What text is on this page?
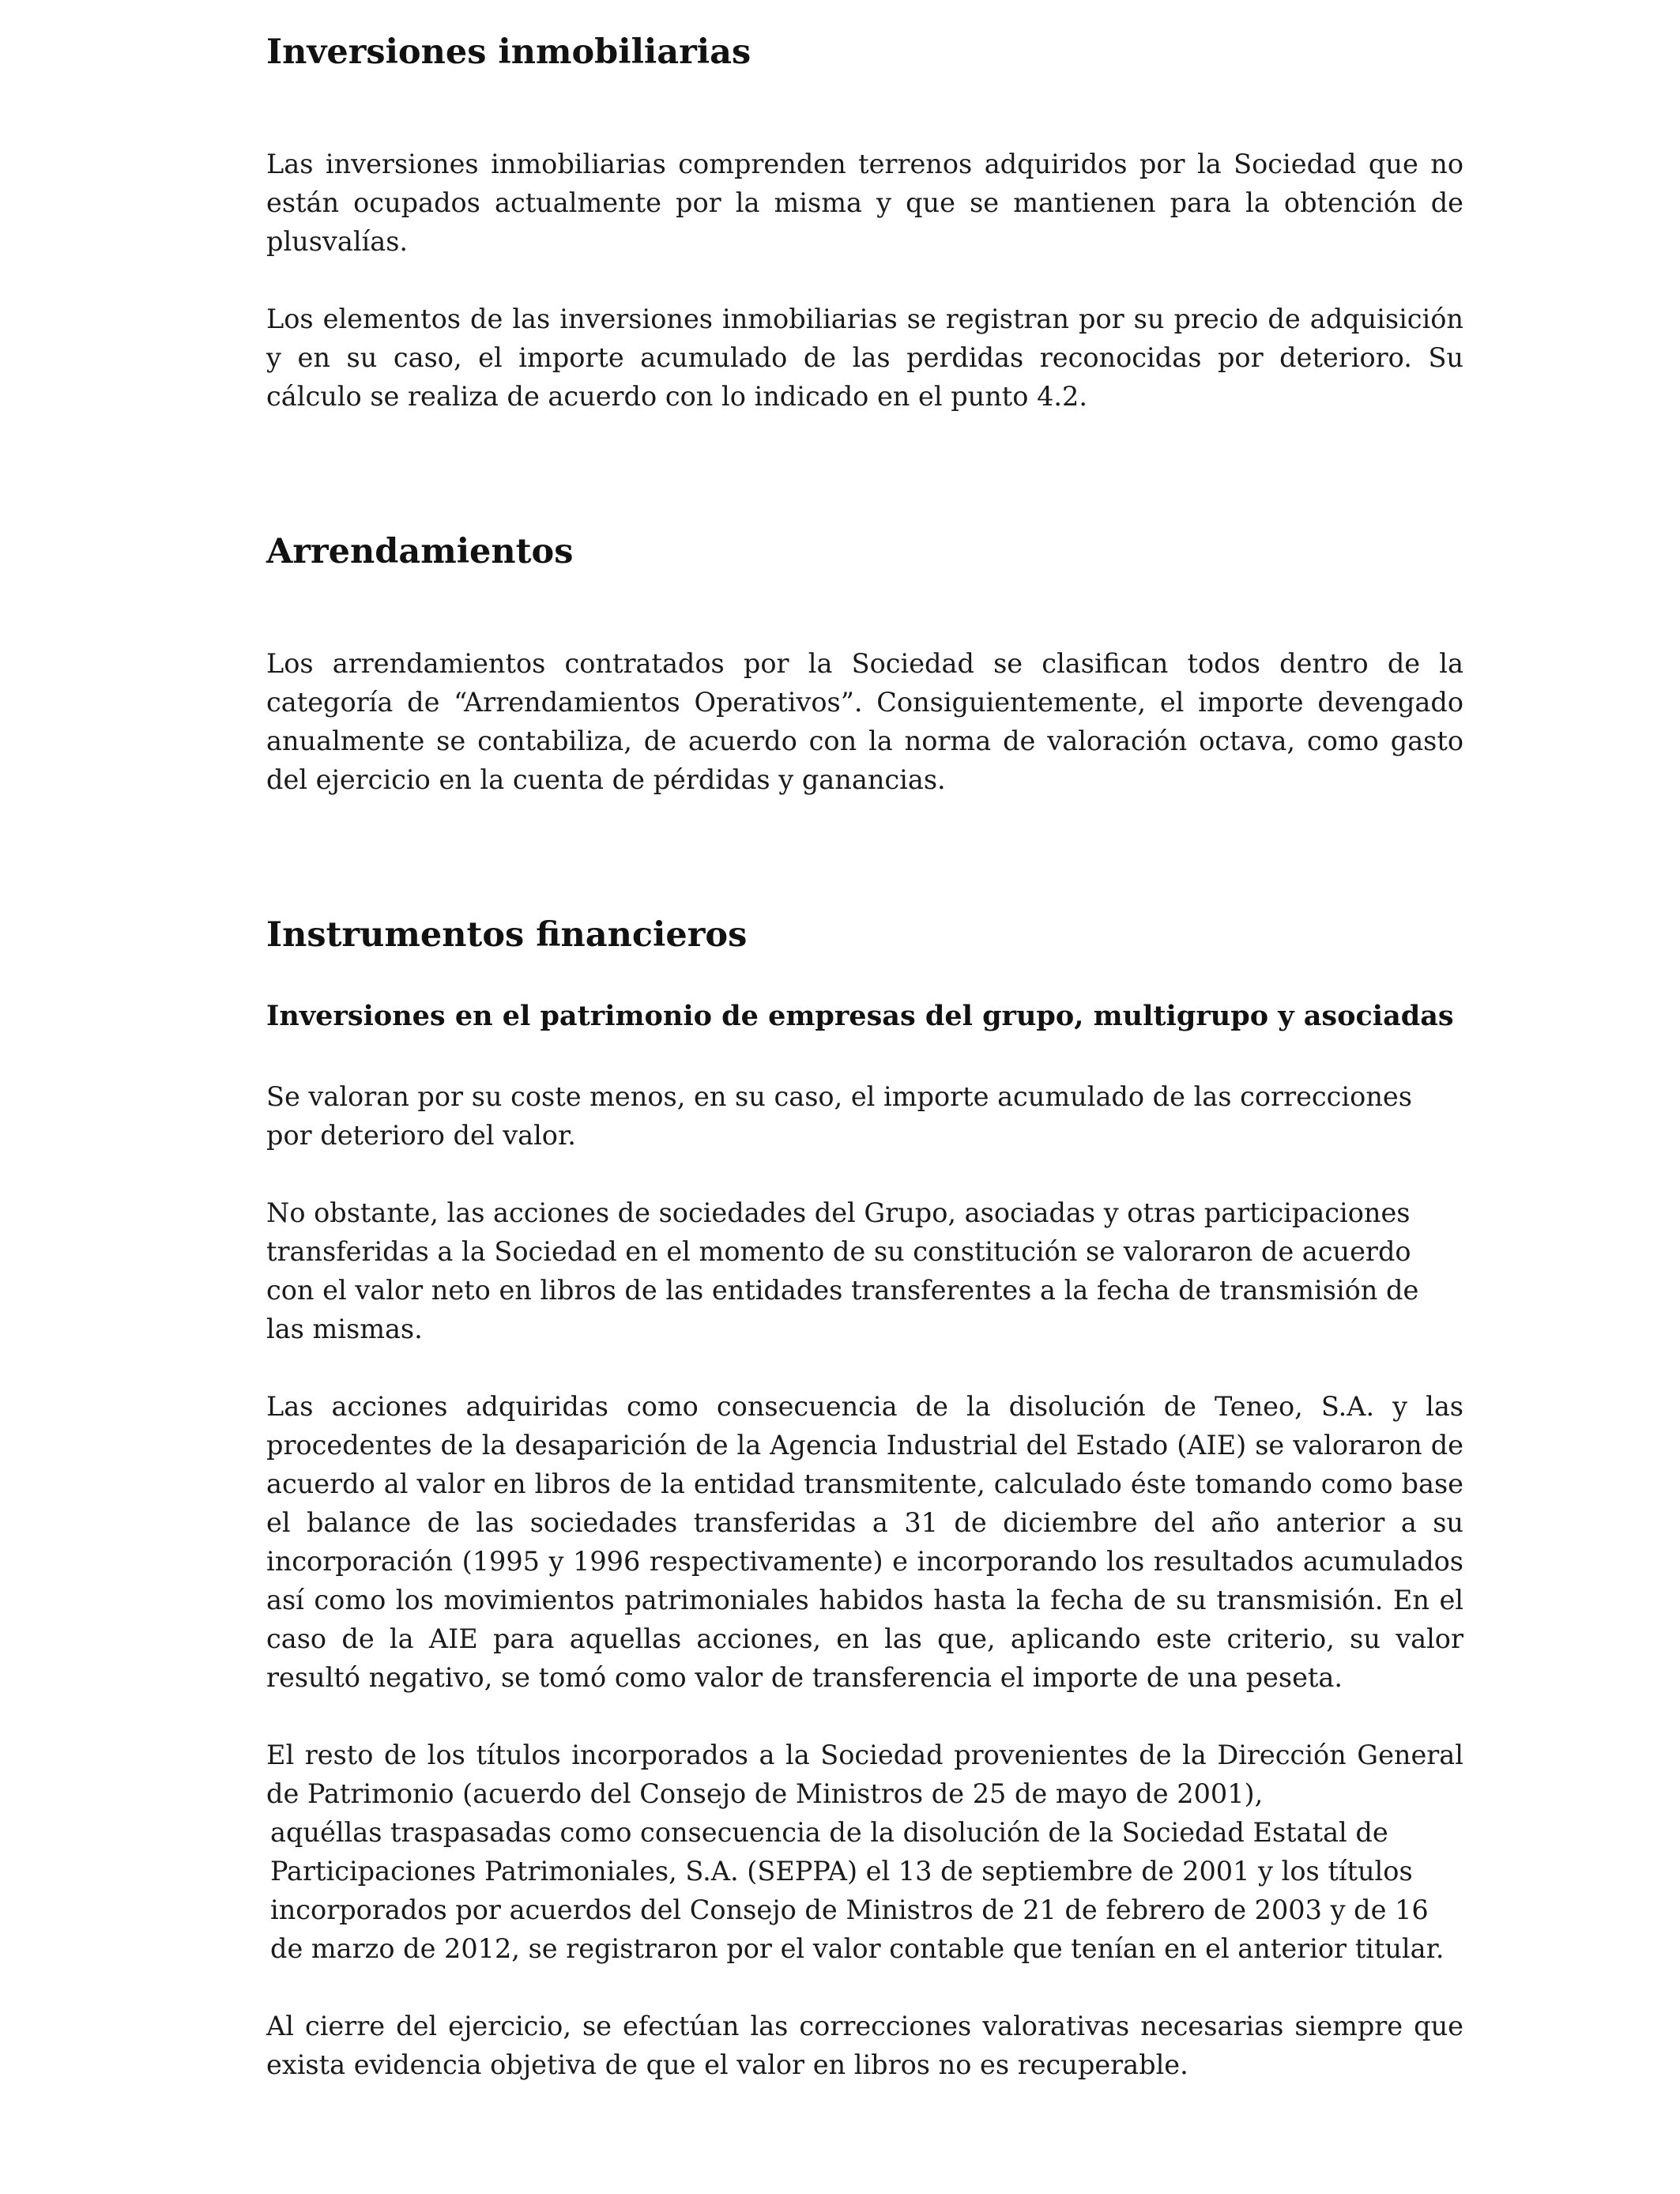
Inversiones inmobiliarias

Las inversiones inmobiliarias comprenden terrenos adquiridos por la Sociedad que no están ocupados actualmente por la misma y que se mantienen para la obtención de plusvalías.

Los elementos de las inversiones inmobiliarias se registran por su precio de adquisición y en su caso, el importe acumulado de las perdidas reconocidas por deterioro. Su cálculo se realiza de acuerdo con lo indicado en el punto 4.2.

Arrendamientos

Los arrendamientos contratados por la Sociedad se clasifican todos dentro de la categoría de “Arrendamientos Operativos”. Consiguientemente, el importe devengado anualmente se contabiliza, de acuerdo con la norma de valoración octava, como gasto del ejercicio en la cuenta de pérdidas y ganancias.

Instrumentos financieros
Inversiones en el patrimonio de empresas del grupo, multigrupo y asociadas

Se valoran por su coste menos, en su caso, el importe acumulado de las correcciones por deterioro del valor.

No obstante, las acciones de sociedades del Grupo, asociadas y otras participaciones transferidas a la Sociedad en el momento de su constitución se valoraron de acuerdo con el valor neto en libros de las entidades transferentes a la fecha de transmisión de las mismas.

Las acciones adquiridas como consecuencia de la disolución de Teneo, S.A. y las procedentes de la desaparición de la Agencia Industrial del Estado (AIE) se valoraron de acuerdo al valor en libros de la entidad transmitente, calculado éste tomando como base el balance de las sociedades transferidas a 31 de diciembre del año anterior a su incorporación (1995 y 1996 respectivamente) e incorporando los resultados acumulados así como los movimientos patrimoniales habidos hasta la fecha de su transmisión. En el caso de la AIE para aquellas acciones, en las que, aplicando este criterio, su valor resultó negativo, se tomó como valor de transferencia el importe de una peseta.

El resto de los títulos incorporados a la Sociedad provenientes de la Dirección General de Patrimonio (acuerdo del Consejo de Ministros de 25 de mayo de 2001),

aquéllas traspasadas como consecuencia de la disolución de la Sociedad Estatal de Participaciones Patrimoniales, S.A. (SEPPA) el 13 de septiembre de 2001 y los títulos incorporados por acuerdos del Consejo de Ministros de 21 de febrero de 2003 y de 16 de marzo de 2012, se registraron por el valor contable que tenían en el anterior titular.

Al cierre del ejercicio, se efectúan las correcciones valorativas necesarias siempre que exista evidencia objetiva de que el valor en libros no es recuperable.
